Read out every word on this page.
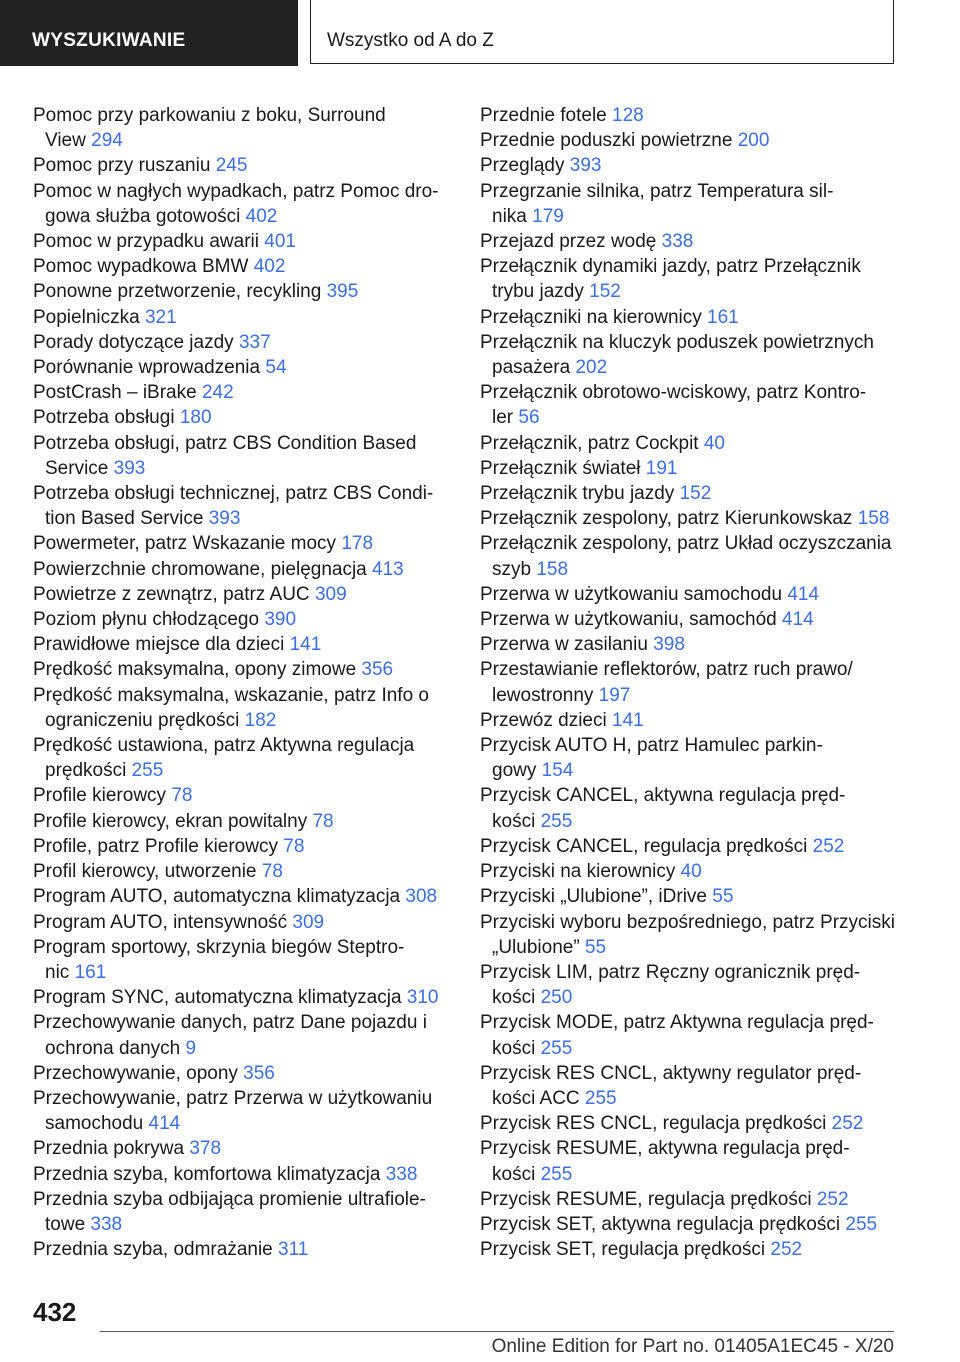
WYSZUKIWANIE	Wszystko od A do Z
Pomoc przy parkowaniu z boku, Surround
View 294
Pomoc przy ruszaniu 245
Pomoc w nagłych wypadkach, patrz Pomoc dro-
gowa służba gotowości 402
Pomoc w przypadku awarii 401
Pomoc wypadkowa BMW 402
Ponowne przetworzenie, recykling 395
Popielniczka 321
Porady dotyczące jazdy 337
Porównanie wprowadzenia 54
PostCrash – iBrake 242
Potrzeba obsługi 180
Potrzeba obsługi, patrz CBS Condition Based
Service 393
Potrzeba obsługi technicznej, patrz CBS Condi-
tion Based Service 393
Powermeter, patrz Wskazanie mocy 178
Powierzchnie chromowane, pielęgnacja 413
Powietrze z zewnątrz, patrz AUC 309
Poziom płynu chłodzącego 390
Prawidłowe miejsce dla dzieci 141
Prędkość maksymalna, opony zimowe 356
Prędkość maksymalna, wskazanie, patrz Info o
ograniczeniu prędkości 182
Prędkość ustawiona, patrz Aktywna regulacja
prędkości 255
Profile kierowcy 78
Profile kierowcy, ekran powitalny 78
Profile, patrz Profile kierowcy 78
Profil kierowcy, utworzenie 78
Program AUTO, automatyczna klimatyzacja 308
Program AUTO, intensywność 309
Program sportowy, skrzynia biegów Steptro-
nic 161
Program SYNC, automatyczna klimatyzacja 310
Przechowywanie danych, patrz Dane pojazdu i
ochrona danych 9
Przechowywanie, opony 356
Przechowywanie, patrz Przerwa w użytkowaniu
samochodu 414
Przednia pokrywa 378
Przednia szyba, komfortowa klimatyzacja 338
Przednia szyba odbijająca promienie ultrafiole-
towe 338
Przednia szyba, odmrażanie 311
Przednie fotele 128
Przednie poduszki powietrzne 200
Przeglądy 393
Przegrzanie silnika, patrz Temperatura sil-
nika 179
Przejazd przez wodę 338
Przełącznik dynamiki jazdy, patrz Przełącznik
trybu jazdy 152
Przełączniki na kierownicy 161
Przełącznik na kluczyk poduszek powietrznych
pasażera 202
Przełącznik obrotowo-wciskowy, patrz Kontro-
ler 56
Przełącznik, patrz Cockpit 40
Przełącznik świateł 191
Przełącznik trybu jazdy 152
Przełącznik zespolony, patrz Kierunkowskaz 158
Przełącznik zespolony, patrz Układ oczyszczania
szyb 158
Przerwa w użytkowaniu samochodu 414
Przerwa w użytkowaniu, samochód 414
Przerwa w zasilaniu 398
Przestawianie reflektorów, patrz ruch prawo/
lewostronny 197
Przewóz dzieci 141
Przycisk AUTO H, patrz Hamulec parkin-
gowy 154
Przycisk CANCEL, aktywna regulacja pręd-
kości 255
Przycisk CANCEL, regulacja prędkości 252
Przyciski na kierownicy 40
Przyciski „Ulubione”, iDrive 55
Przyciski wyboru bezpośredniego, patrz Przyciski
„Ulubione” 55
Przycisk LIM, patrz Ręczny ogranicznik pręd-
kości 250
Przycisk MODE, patrz Aktywna regulacja pręd-
kości 255
Przycisk RES CNCL, aktywny regulator pręd-
kości ACC 255
Przycisk RES CNCL, regulacja prędkości 252
Przycisk RESUME, aktywna regulacja pręd-
kości 255
Przycisk RESUME, regulacja prędkości 252
Przycisk SET, aktywna regulacja prędkości 255
Przycisk SET, regulacja prędkości 252
432
Online Edition for Part no. 01405A1EC45 - X/20
